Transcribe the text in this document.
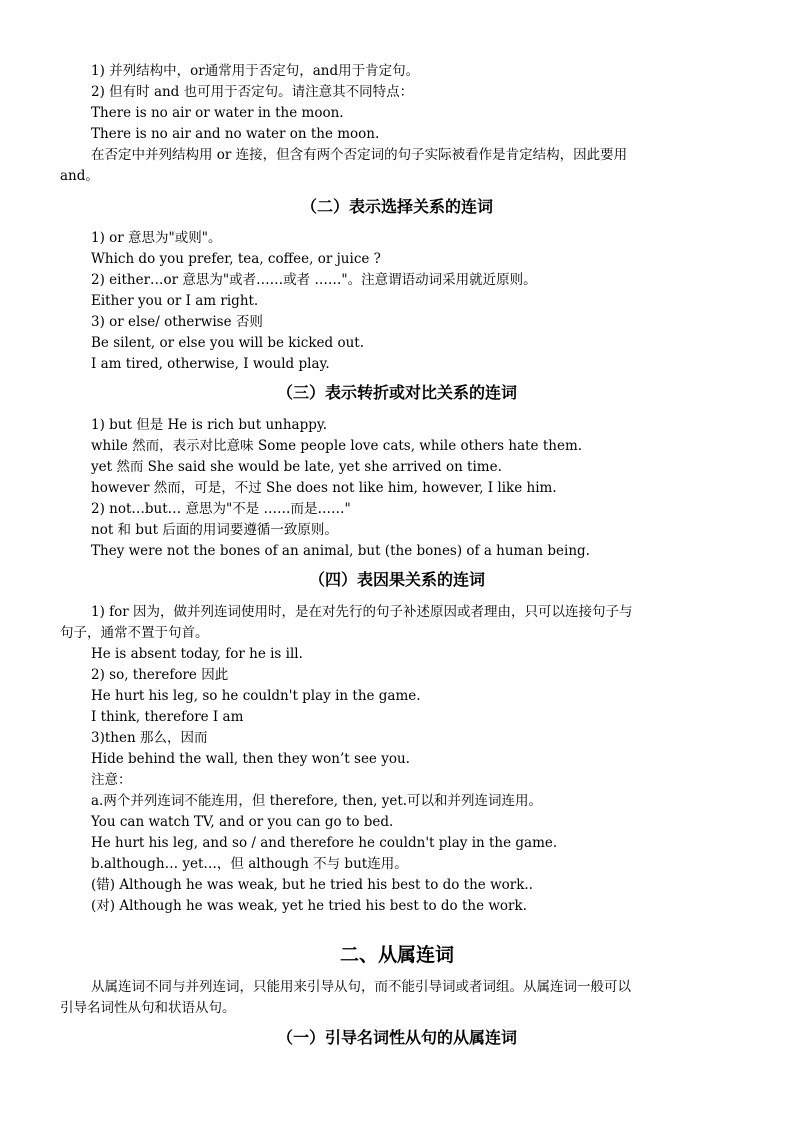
1) 并列结构中，or通常用于否定句，and用于肯定句。
2) 但有时 and 也可用于否定句。请注意其不同特点：
There is no air or water in the moon.
There is no air and no water on the moon.
在否定中并列结构用 or 连接，但含有两个否定词的句子实际被看作是肯定结构，因此要用
and。
（二）表示选择关系的连词
1) or 意思为"或则"。
Which do you prefer, tea, coffee, or juice ?
2) either…or 意思为"或者……或者 ……"。注意谓语动词采用就近原则。
Either you or I am right.
3) or else/ otherwise 否则
Be silent, or else you will be kicked out.
I am tired, otherwise, I would play.
（三）表示转折或对比关系的连词
1) but 但是 He is rich but unhappy.
while 然而，表示对比意味 Some people love cats, while others hate them.
yet 然而 She said she would be late, yet she arrived on time.
however 然而，可是，不过 She does not like him, however, I like him.
2) not…but… 意思为"不是 ……而是……"
not 和 but 后面的用词要遵循一致原则。
They were not the bones of an animal, but (the bones) of a human being.
（四）表因果关系的连词
1) for 因为，做并列连词使用时，是在对先行的句子补述原因或者理由，只可以连接句子与
句子，通常不置于句首。
He is absent today, for he is ill.
2) so, therefore 因此
He hurt his leg, so he couldn't play in the game.
I think, therefore I am
3)then 那么，因而
Hide behind the wall, then they won’t see you.
注意：
a.两个并列连词不能连用，但 therefore, then, yet.可以和并列连词连用。
You can watch TV, and or you can go to bed.
He hurt his leg, and so / and therefore he couldn't play in the game.
b.although… yet…，但 although 不与 but连用。
(错) Although he was weak, but he tried his best to do the work..
(对) Although he was weak, yet he tried his best to do the work.
二、从属连词
从属连词不同与并列连词，只能用来引导从句，而不能引导词或者词组。从属连词一般可以
引导名词性从句和状语从句。
（一）引导名词性从句的从属连词
